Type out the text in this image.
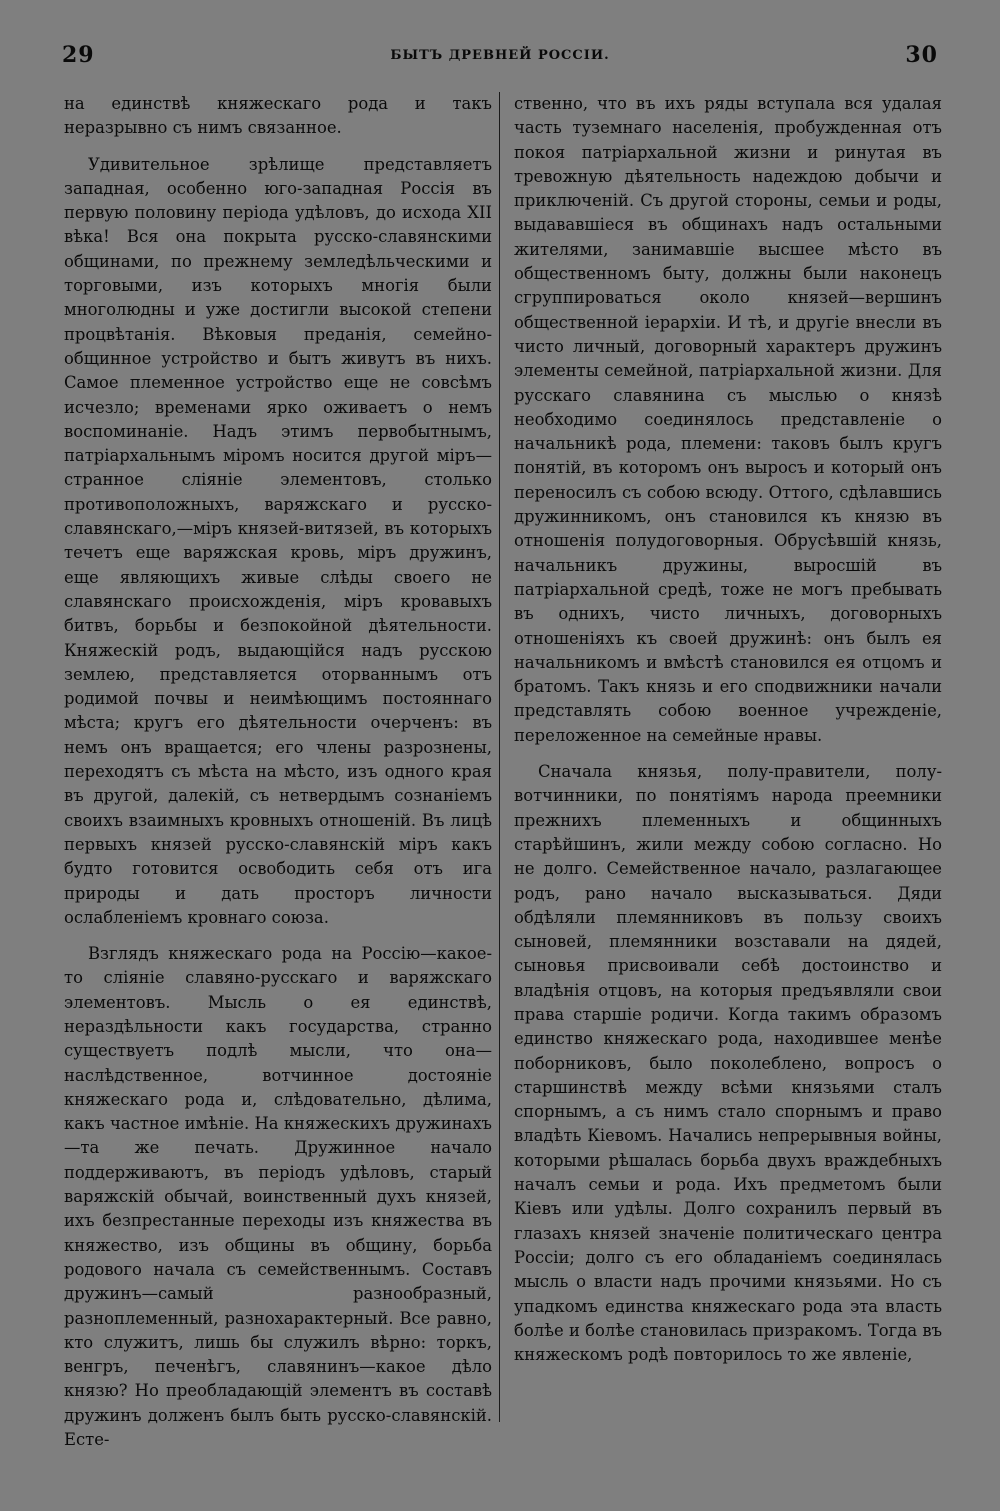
29	БЫТЪ ДРЕВНЕЙ РОССІИ.	30

на единствѣ княжескаго рода и такъ неразрывно съ нимъ связанное.

Удивительное зрѣлище представляетъ западная, особенно юго-западная Россія въ первую половину періода удѣловъ, до исхода XII вѣка! Вся она покрыта русско-славянскими общинами, по прежнему земледѣльческими и торговыми, изъ которыхъ многія были многолюдны и уже достигли высокой степени процвѣтанія. Вѣковыя преданія, семейно-общинное устройство и бытъ живутъ въ нихъ. Самое племенное устройство еще не совсѣмъ исчезло; временами ярко оживаетъ о немъ воспоминаніе. Надъ этимъ первобытнымъ, патріархальнымъ міромъ носится другой міръ—странное сліяніе элементовъ, столько противоположныхъ, варяжскаго и русско-славянскаго,—міръ князей-витязей, въ которыхъ течетъ еще варяжская кровь, міръ дружинъ, еще являющихъ живые слѣды своего не славянскаго происхожденія, міръ кровавыхъ битвъ, борьбы и безпокойной дѣятельности. Княжескій родъ, выдающійся надъ русскою землею, представляется оторваннымъ отъ родимой почвы и неимѣющимъ постояннаго мѣста; кругъ его дѣятельности очерченъ: въ немъ онъ вращается; его члены разрознены, переходятъ съ мѣста на мѣсто, изъ одного края въ другой, далекій, съ нетвердымъ сознаніемъ своихъ взаимныхъ кровныхъ отношеній. Въ лицѣ первыхъ князей русско-славянскій міръ какъ будто готовится освободить себя отъ ига природы и дать просторъ личности ослабленіемъ кровнаго союза.

Взглядъ княжескаго рода на Россію—какое-то сліяніе славяно-русскаго и варяжскаго элементовъ. Мысль о ея единствѣ, нераздѣльности какъ государства, странно существуетъ подлѣ мысли, что она—наслѣдственное, вотчинное достояніе княжескаго рода и, слѣдовательно, дѣлима, какъ частное имѣніе. На княжескихъ дружинахъ—та же печать. Дружинное начало поддерживаютъ, въ періодъ удѣловъ, старый варяжскій обычай, воинственный духъ князей, ихъ безпрестанные переходы изъ княжества въ княжество, изъ общины въ общину, борьба родового начала съ семейственнымъ. Составъ дружинъ—самый разнообразный, разноплеменный, разнохарактерный. Все равно, кто служитъ, лишь бы служилъ вѣрно: торкъ, венгръ, печенѣгъ, славянинъ—какое дѣло князю? Но преобладающій элементъ въ составѣ дружинъ долженъ былъ быть русско-славянскій. Есте-

ственно, что въ ихъ ряды вступала вся удалая часть туземнаго населенія, пробужденная отъ покоя патріархальной жизни и ринутая въ тревожную дѣятельность надеждою добычи и приключеній. Съ другой стороны, семьи и роды, выдававшіеся въ общинахъ надъ остальными жителями, занимавшіе высшее мѣсто въ общественномъ быту, должны были наконецъ сгруппироваться около князей—вершинъ общественной іерархіи. И тѣ, и другіе внесли въ чисто личный, договорный характеръ дружинъ элементы семейной, патріархальной жизни. Для русскаго славянина съ мыслью о князѣ необходимо соединялось представленіе о начальникѣ рода, племени: таковъ былъ кругъ понятій, въ которомъ онъ выросъ и который онъ переносилъ съ собою всюду. Оттого, сдѣлавшись дружинникомъ, онъ становился къ князю въ отношенія полудоговорныя. Обрусѣвшій князь, начальникъ дружины, выросшій въ патріархальной средѣ, тоже не могъ пребывать въ однихъ, чисто личныхъ, договорныхъ отношеніяхъ къ своей дружинѣ: онъ былъ ея начальникомъ и вмѣстѣ становился ея отцомъ и братомъ. Такъ князь и его сподвижники начали представлять собою военное учрежденіе, переложенное на семейные нравы.

Сначала князья, полу-правители, полу-вотчинники, по понятіямъ народа преемники прежнихъ племенныхъ и общинныхъ старѣйшинъ, жили между собою согласно. Но не долго. Семейственное начало, разлагающее родъ, рано начало высказываться. Дяди обдѣляли племянниковъ въ пользу своихъ сыновей, племянники возставали на дядей, сыновья присвоивали себѣ достоинство и владѣнія отцовъ, на которыя предъявляли свои права старшіе родичи. Когда такимъ образомъ единство княжескаго рода, находившее менѣе поборниковъ, было поколеблено, вопросъ о старшинствѣ между всѣми князьями сталъ спорнымъ, а съ нимъ стало спорнымъ и право владѣть Кіевомъ. Начались непрерывныя войны, которыми рѣшалась борьба двухъ враждебныхъ началъ семьи и рода. Ихъ предметомъ были Кіевъ или удѣлы. Долго сохранилъ первый въ глазахъ князей значеніе политическаго центра Россіи; долго съ его обладаніемъ соединялась мысль о власти надъ прочими князьями. Но съ упадкомъ единства княжескаго рода эта власть болѣе и болѣе становилась призракомъ. Тогда въ княжескомъ родѣ повторилось то же явленіе,
